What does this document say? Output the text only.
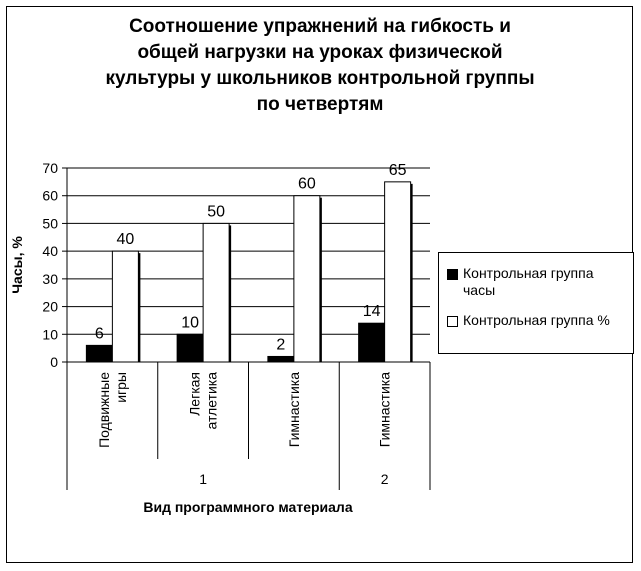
Соотношение упражнений на гибкость и
общей нагрузки на уроках физической
культуры у школьников контрольной группы
по четвертям
0
10
20
30
40
50
60
70
6
40
10
50
2
60
14
65
Подвижные игры	Легкая атлетика	Гимнастика	Гимнастика
1	2
Вид программного материала
Часы, %	Контрольная группа
часы
Контрольная группа %
